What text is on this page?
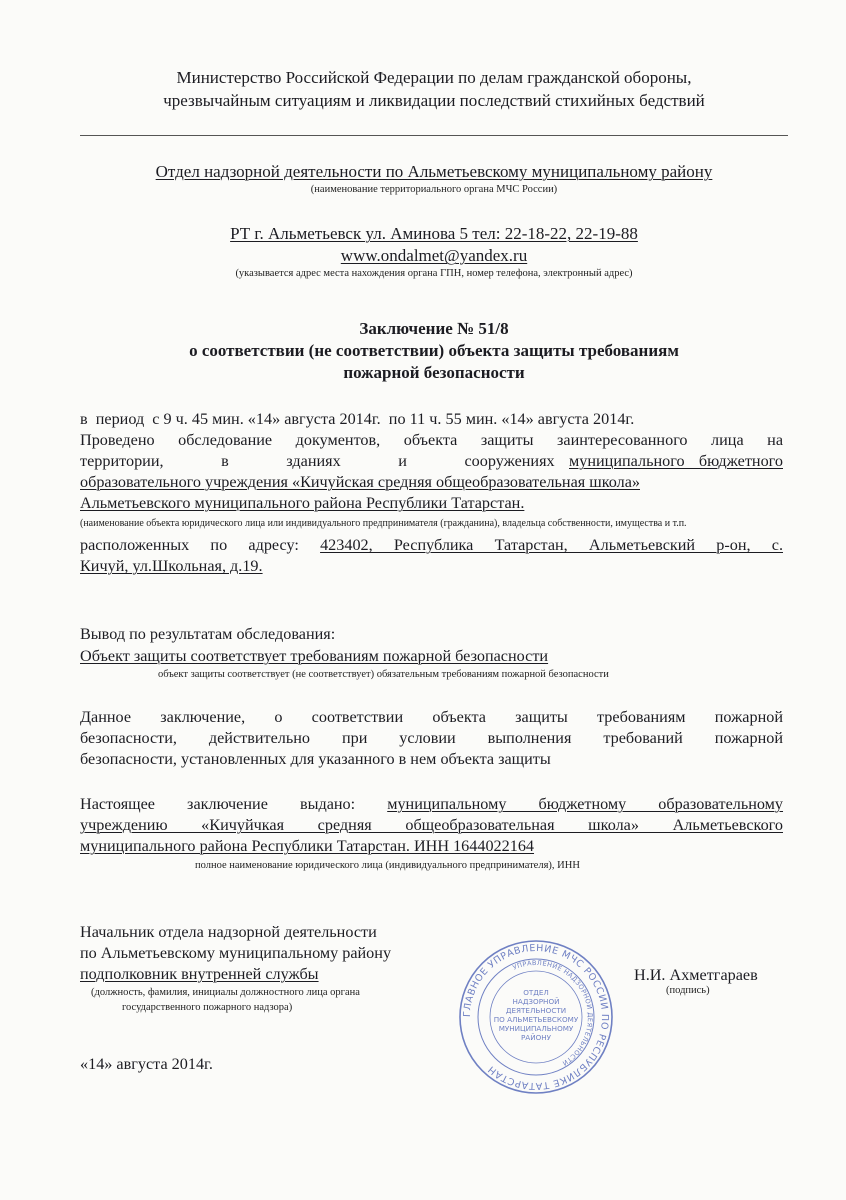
Министерство Российской Федерации по делам гражданской обороны,
чрезвычайным ситуациям и ликвидации последствий стихийных бедствий
Отдел надзорной деятельности по Альметьевскому муниципальному району
(наименование территориального органа МЧС России)
РТ г. Альметьевск ул. Аминова 5 тел: 22-18-22, 22-19-88
www.ondalmet@yandex.ru
(указывается адрес места нахождения органа ГПН, номер телефона, электронный адрес)
Заключение № 51/8
о соответствии (не соответствии) объекта защиты требованиям
пожарной безопасности
в  период  с 9 ч. 45 мин. «14» августа 2014г.  по 11 ч. 55 мин. «14» августа 2014г.
Проведено обследование документов, объекта защиты заинтересованного лица на
территории,    в    зданиях    и    сооружениях муниципального бюджетного
образовательного учреждения «Кичуйская средняя общеобразовательная школа»
Альметьевского муниципального района Республики Татарстан.
(наименование объекта юридического лица или индивидуального предпринимателя (гражданина), владельца собственности, имущества и т.п.
расположенных по адресу: 423402, Республика Татарстан, Альметьевский р-он, с.
Кичуй, ул.Школьная, д.19.
Вывод по результатам обследования:
Объект защиты соответствует требованиям пожарной безопасности
объект защиты соответствует (не соответствует) обязательным требованиям пожарной безопасности
Данное заключение, о соответствии объекта защиты требованиям пожарной
безопасности, действительно при условии выполнения требований пожарной
безопасности, установленных для указанного в нем объекта защиты
Настоящее заключение выдано: муниципальному бюджетному образовательному
учреждению «Кичуйчкая средняя общеобразовательная школа» Альметьевского
муниципального района Республики Татарстан. ИНН 1644022164
полное наименование юридического лица (индивидуального предпринимателя), ИНН
Начальник отдела надзорной деятельности
по Альметьевскому муниципальному району
подполковник внутренней службы
(должность, фамилия, инициалы должностного лица органа
государственного пожарного надзора)
Н.И. Ахметгараев
(подпись)
ГЛАВНОЕ УПРАВЛЕНИЕ МЧС РОССИИ ПО РЕСПУБЛИКЕ ТАТАРСТАН
УПРАВЛЕНИЕ НАДЗОРНОЙ ДЕЯТЕЛЬНОСТИ
ОТДЕЛ
НАДЗОРНОЙ
ДЕЯТЕЛЬНОСТИ
ПО АЛЬМЕТЬЕВСКОМУ
МУНИЦИПАЛЬНОМУ
РАЙОНУ
«14» августа 2014г.
